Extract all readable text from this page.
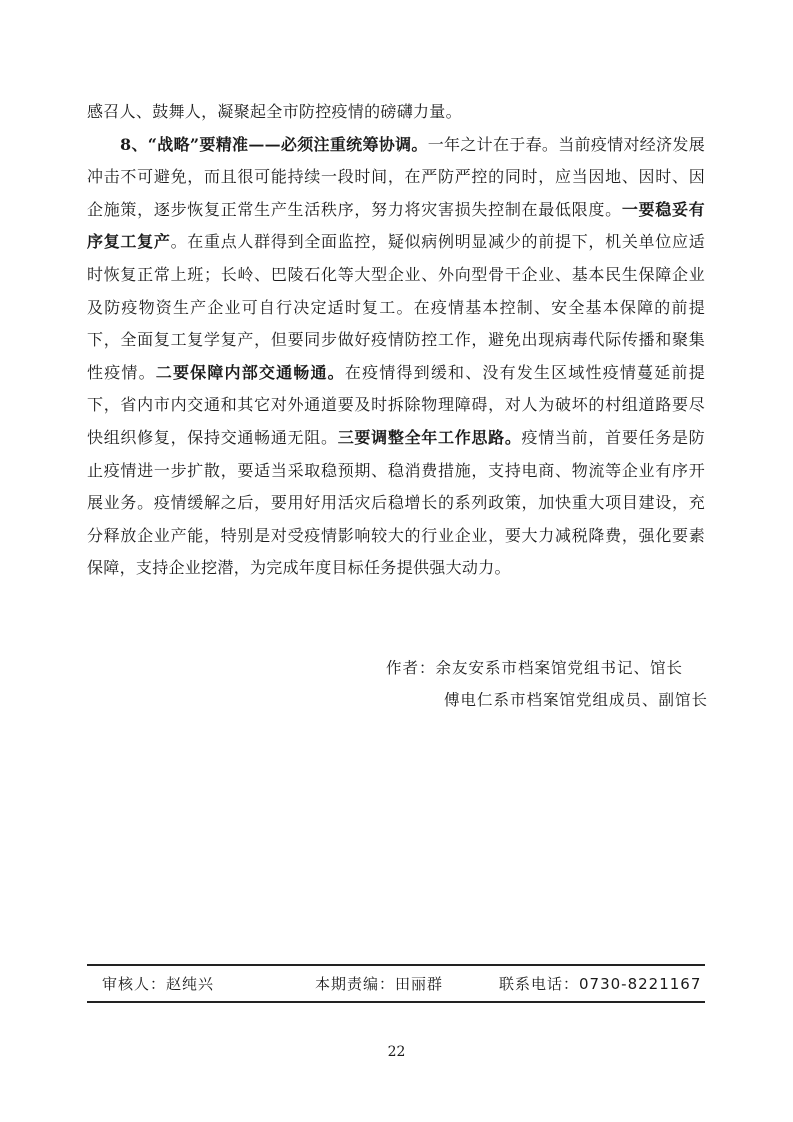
感召人、鼓舞人，凝聚起全市防控疫情的磅礴力量。

8、“战略”要精准——必须注重统筹协调。一年之计在于春。当前疫情对经济发展冲击不可避免，而且很可能持续一段时间，在严防严控的同时，应当因地、因时、因企施策，逐步恢复正常生产生活秩序，努力将灾害损失控制在最低限度。一要稳妥有序复工复产。在重点人群得到全面监控，疑似病例明显减少的前提下，机关单位应适时恢复正常上班；长岭、巴陵石化等大型企业、外向型骨干企业、基本民生保障企业及防疫物资生产企业可自行决定适时复工。在疫情基本控制、安全基本保障的前提下，全面复工复学复产，但要同步做好疫情防控工作，避免出现病毒代际传播和聚集性疫情。二要保障内部交通畅通。在疫情得到缓和、没有发生区域性疫情蔓延前提下，省内市内交通和其它对外通道要及时拆除物理障碍，对人为破坏的村组道路要尽快组织修复，保持交通畅通无阻。三要调整全年工作思路。疫情当前，首要任务是防止疫情进一步扩散，要适当采取稳预期、稳消费措施，支持电商、物流等企业有序开展业务。疫情缓解之后，要用好用活灾后稳增长的系列政策，加快重大项目建设，充分释放企业产能，特别是对受疫情影响较大的行业企业，要大力减税降费，强化要素保障，支持企业挖潜，为完成年度目标任务提供强大动力。

作者：余友安系市档案馆党组书记、馆长
傅电仁系市档案馆党组成员、副馆长
审核人：赵纯兴	本期责编：田丽群	联系电话：0730-8221167
22
